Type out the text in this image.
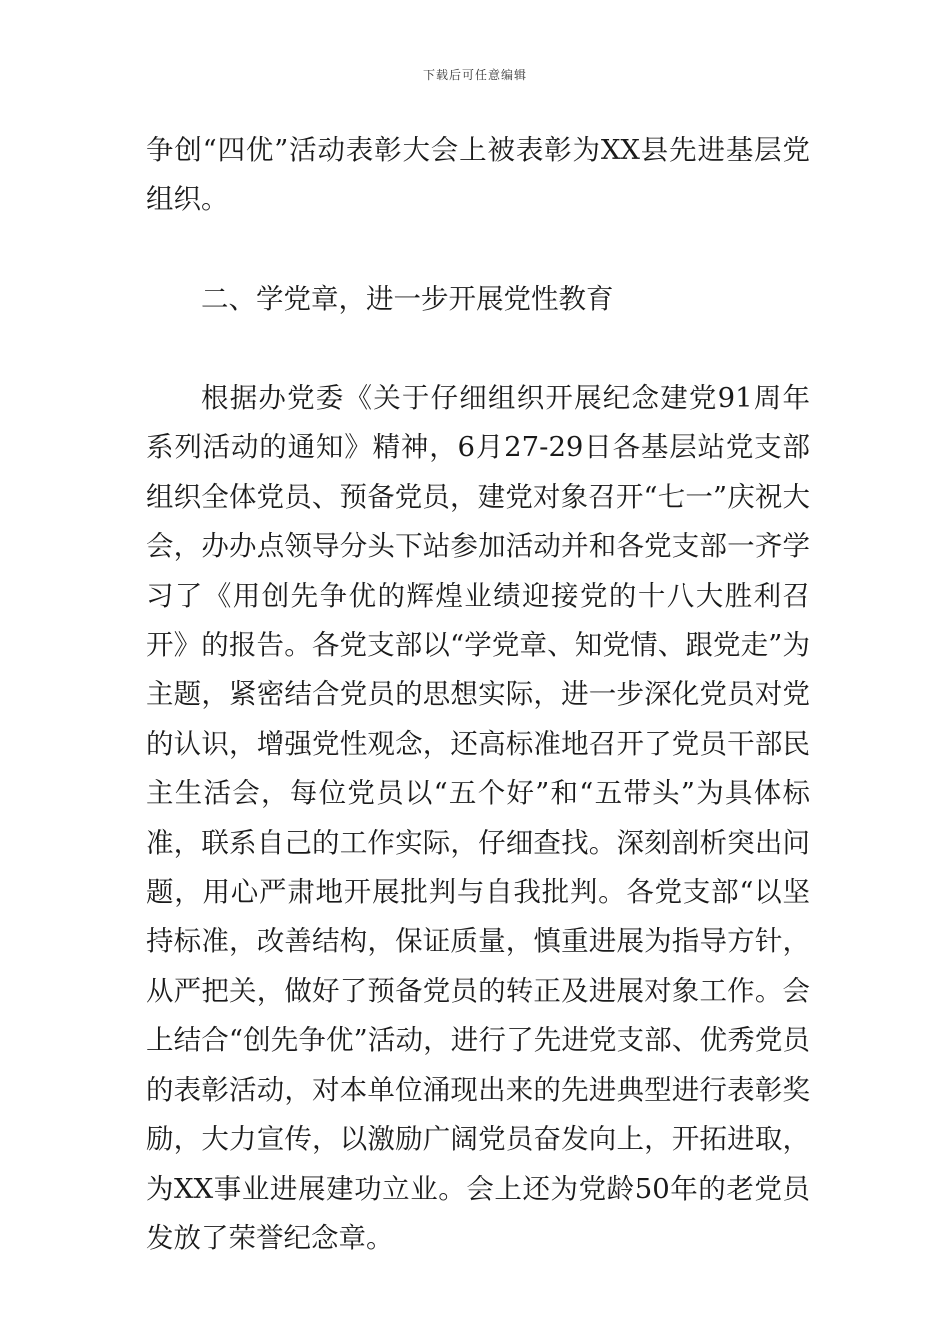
下载后可任意编辑

争创“四优”活动表彰大会上被表彰为XX县先进基层党组织。

二、学党章，进一步开展党性教育

根据办党委《关于仔细组织开展纪念建党91周年系列活动的通知》精神，6月27-29日各基层站党支部组织全体党员、预备党员，建党对象召开“七一”庆祝大会，办办点领导分头下站参加活动并和各党支部一齐学习了《用创先争优的辉煌业绩迎接党的十八大胜利召开》的报告。各党支部以“学党章、知党情、跟党走”为主题，紧密结合党员的思想实际，进一步深化党员对党的认识，增强党性观念，还高标准地召开了党员干部民主生活会，每位党员以“五个好”和“五带头”为具体标准，联系自己的工作实际，仔细查找。深刻剖析突出问题，用心严肃地开展批判与自我批判。各党支部“以坚持标准，改善结构，保证质量，慎重进展为指导方针，从严把关，做好了预备党员的转正及进展对象工作。会上结合“创先争优”活动，进行了先进党支部、优秀党员的表彰活动，对本单位涌现出来的先进典型进行表彰奖励，大力宣传，以激励广阔党员奋发向上，开拓进取，为XX事业进展建功立业。会上还为党龄50年的老党员发放了荣誉纪念章。
